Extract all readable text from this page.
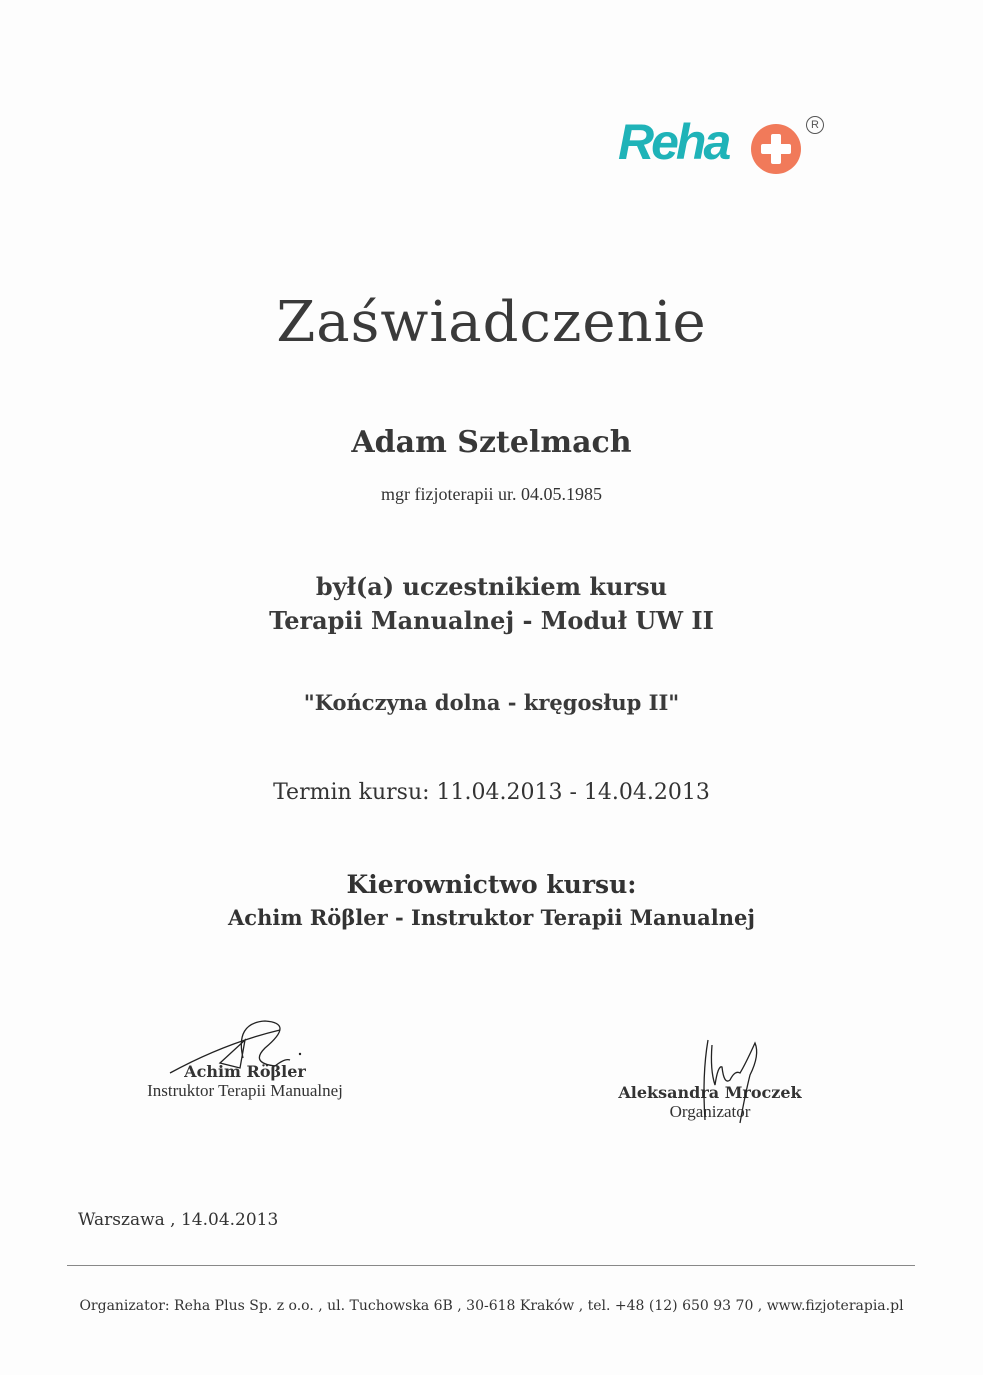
Reha	R
Zaświadczenie
Adam Sztelmach
mgr fizjoterapii ur. 04.05.1985
był(a) uczestnikiem kursu
Terapii Manualnej - Moduł UW II
"Kończyna dolna - kręgosłup II"
Termin kursu: 11.04.2013 - 14.04.2013
Kierownictwo kursu:
Achim Röβler - Instruktor Terapii Manualnej
Achim Röβler
Instruktor Terapii Manualnej	Aleksandra Mroczek
Organizator
Warszawa , 14.04.2013
Organizator: Reha Plus Sp. z o.o. , ul. Tuchowska 6B , 30-618 Kraków , tel. +48 (12) 650 93 70 , www.fizjoterapia.pl
